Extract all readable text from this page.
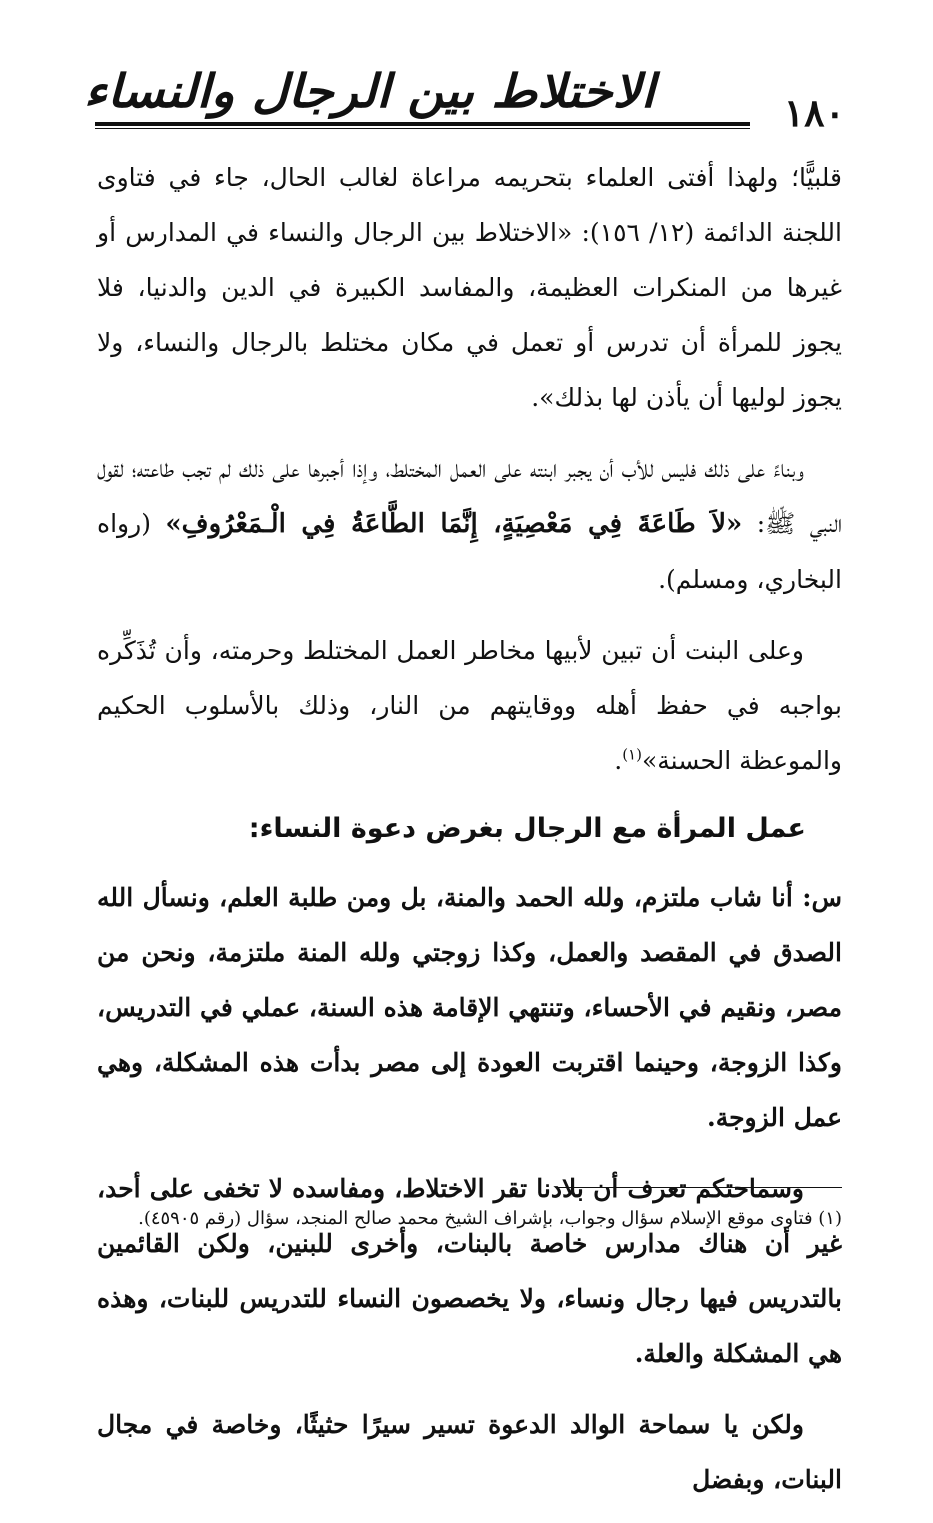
الاختلاط بين الرجال والنساء	١٨٠

قلبيًّا؛ ولهذا أفتى العلماء بتحريمه مراعاة لغالب الحال، جاء في فتاوى اللجنة الدائمة (١٢/ ١٥٦): «الاختلاط بين الرجال والنساء في المدارس أو غيرها من المنكرات العظيمة، والمفاسد الكبيرة في الدين والدنيا، فلا يجوز للمرأة أن تدرس أو تعمل في مكان مختلط بالرجال والنساء، ولا يجوز لوليها أن يأذن لها بذلك».

وبناءً على ذلك فليس للأب أن يجبر ابنته على العمل المختلط، وإذا أجبرها على ذلك لم تجب طاعته؛ لقول النبي ﷺ: «لاَ طَاعَةَ فِي مَعْصِيَةٍ، إِنَّمَا الطَّاعَةُ فِي الْـمَعْرُوفِ» (رواه البخاري، ومسلم).

وعلى البنت أن تبين لأبيها مخاطر العمل المختلط وحرمته، وأن تُذَكِّره بواجبه في حفظ أهله ووقايتهم من النار، وذلك بالأسلوب الحكيم والموعظة الحسنة»$^{(١)}$.

عمل المرأة مع الرجال بغرض دعوة النساء:

س: أنا شاب ملتزم، ولله الحمد والمنة، بل ومن طلبة العلم، ونسأل الله الصدق في المقصد والعمل، وكذا زوجتي ولله المنة ملتزمة، ونحن من مصر، ونقيم في الأحساء، وتنتهي الإقامة هذه السنة، عملي في التدريس، وكذا الزوجة، وحينما اقتربت العودة إلى مصر بدأت هذه المشكلة، وهي عمل الزوجة.

وسماحتكم تعرف أن بلادنا تقر الاختلاط، ومفاسده لا تخفى على أحد، غير أن هناك مدارس خاصة بالبنات، وأخرى للبنين، ولكن القائمين بالتدريس فيها رجال ونساء، ولا يخصصون النساء للتدريس للبنات، وهذه هي المشكلة والعلة.

ولكن يا سماحة الوالد الدعوة تسير سيرًا حثيثًا، وخاصة في مجال البنات، وبفضل

(١) فتاوى موقع الإسلام سؤال وجواب، بإشراف الشيخ محمد صالح المنجد، سؤال (رقم ٤٥٩٠٥).
